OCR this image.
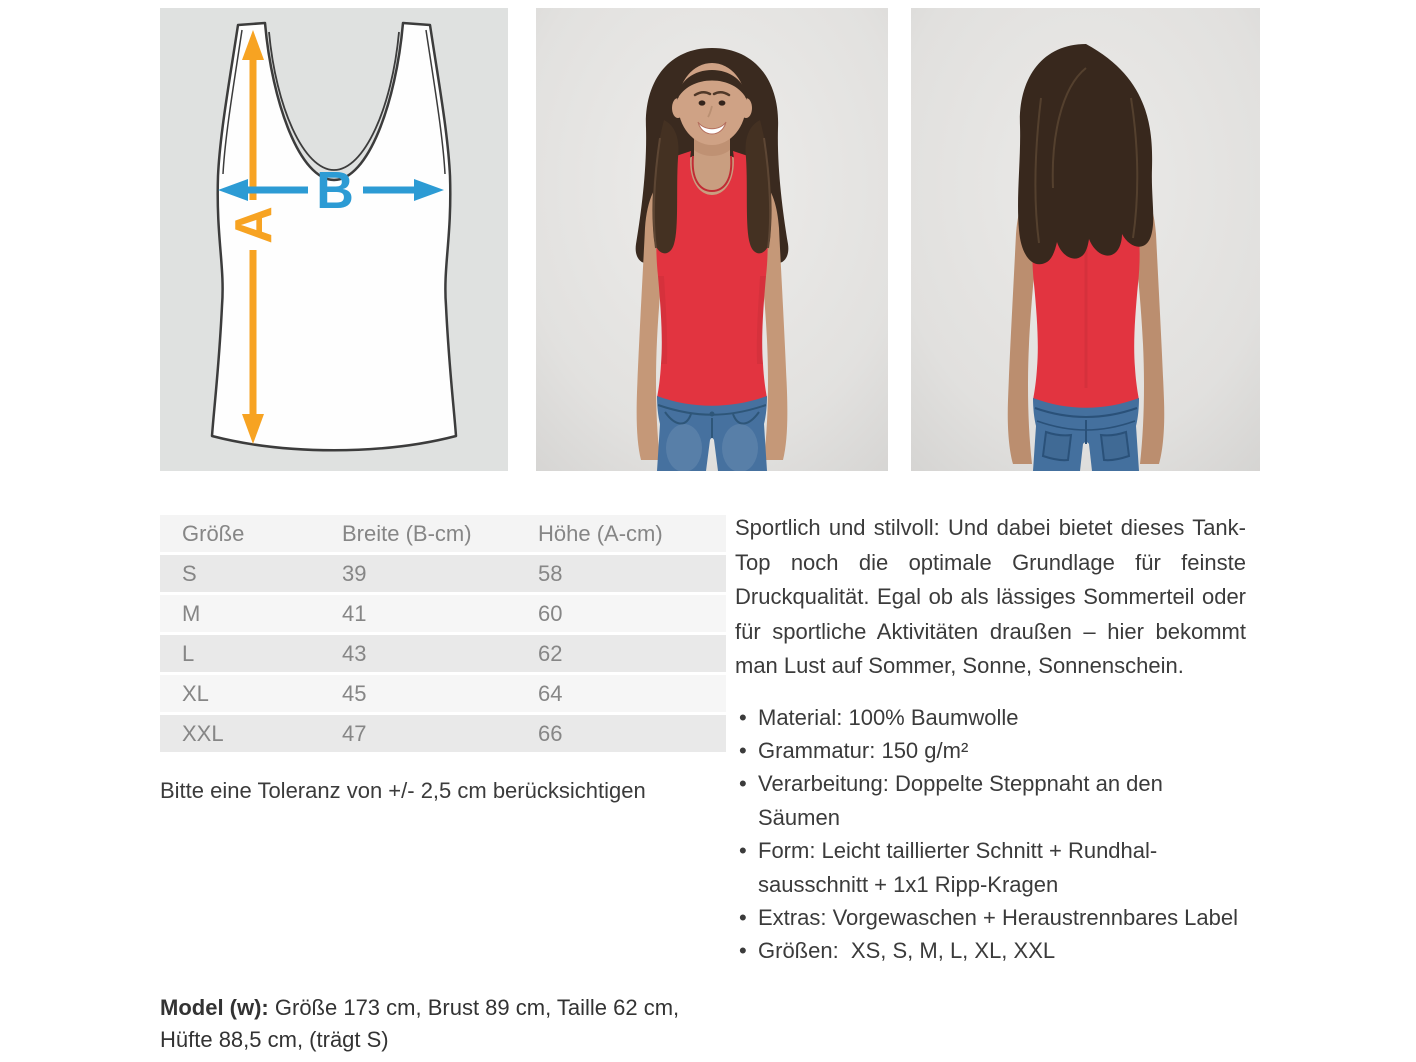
A
B
Größe	Breite (B-cm)	Höhe (A-cm)
S	39	58
M	41	60
L	43	62
XL	45	64
XXL	47	66
Bitte eine Toleranz von +/- 2,5 cm berücksichtigen
Model (w): Größe 173 cm, Brust 89 cm, Taille 62 cm, Hüfte 88,5 cm, (trägt S)

Sportlich und stilvoll: Und dabei bietet dieses Tank-Top noch die optimale Grundlage für feinste Druckqualität. Egal ob als lässiges Sommerteil oder für sportliche Aktivitäten draußen – hier bekommt man Lust auf Sommer, Sonne, Sonnenschein.

• Material: 100% Baumwolle
• Grammatur: 150 g/m²
• Verarbeitung: Doppelte Steppnaht an den Säumen
• Form: Leicht taillierter Schnitt + Rundhalsausschnitt + 1x1 Ripp-Kragen
• Extras: Vorgewaschen + Heraustrennbares Label
• Größen:  XS, S, M, L, XL, XXL
